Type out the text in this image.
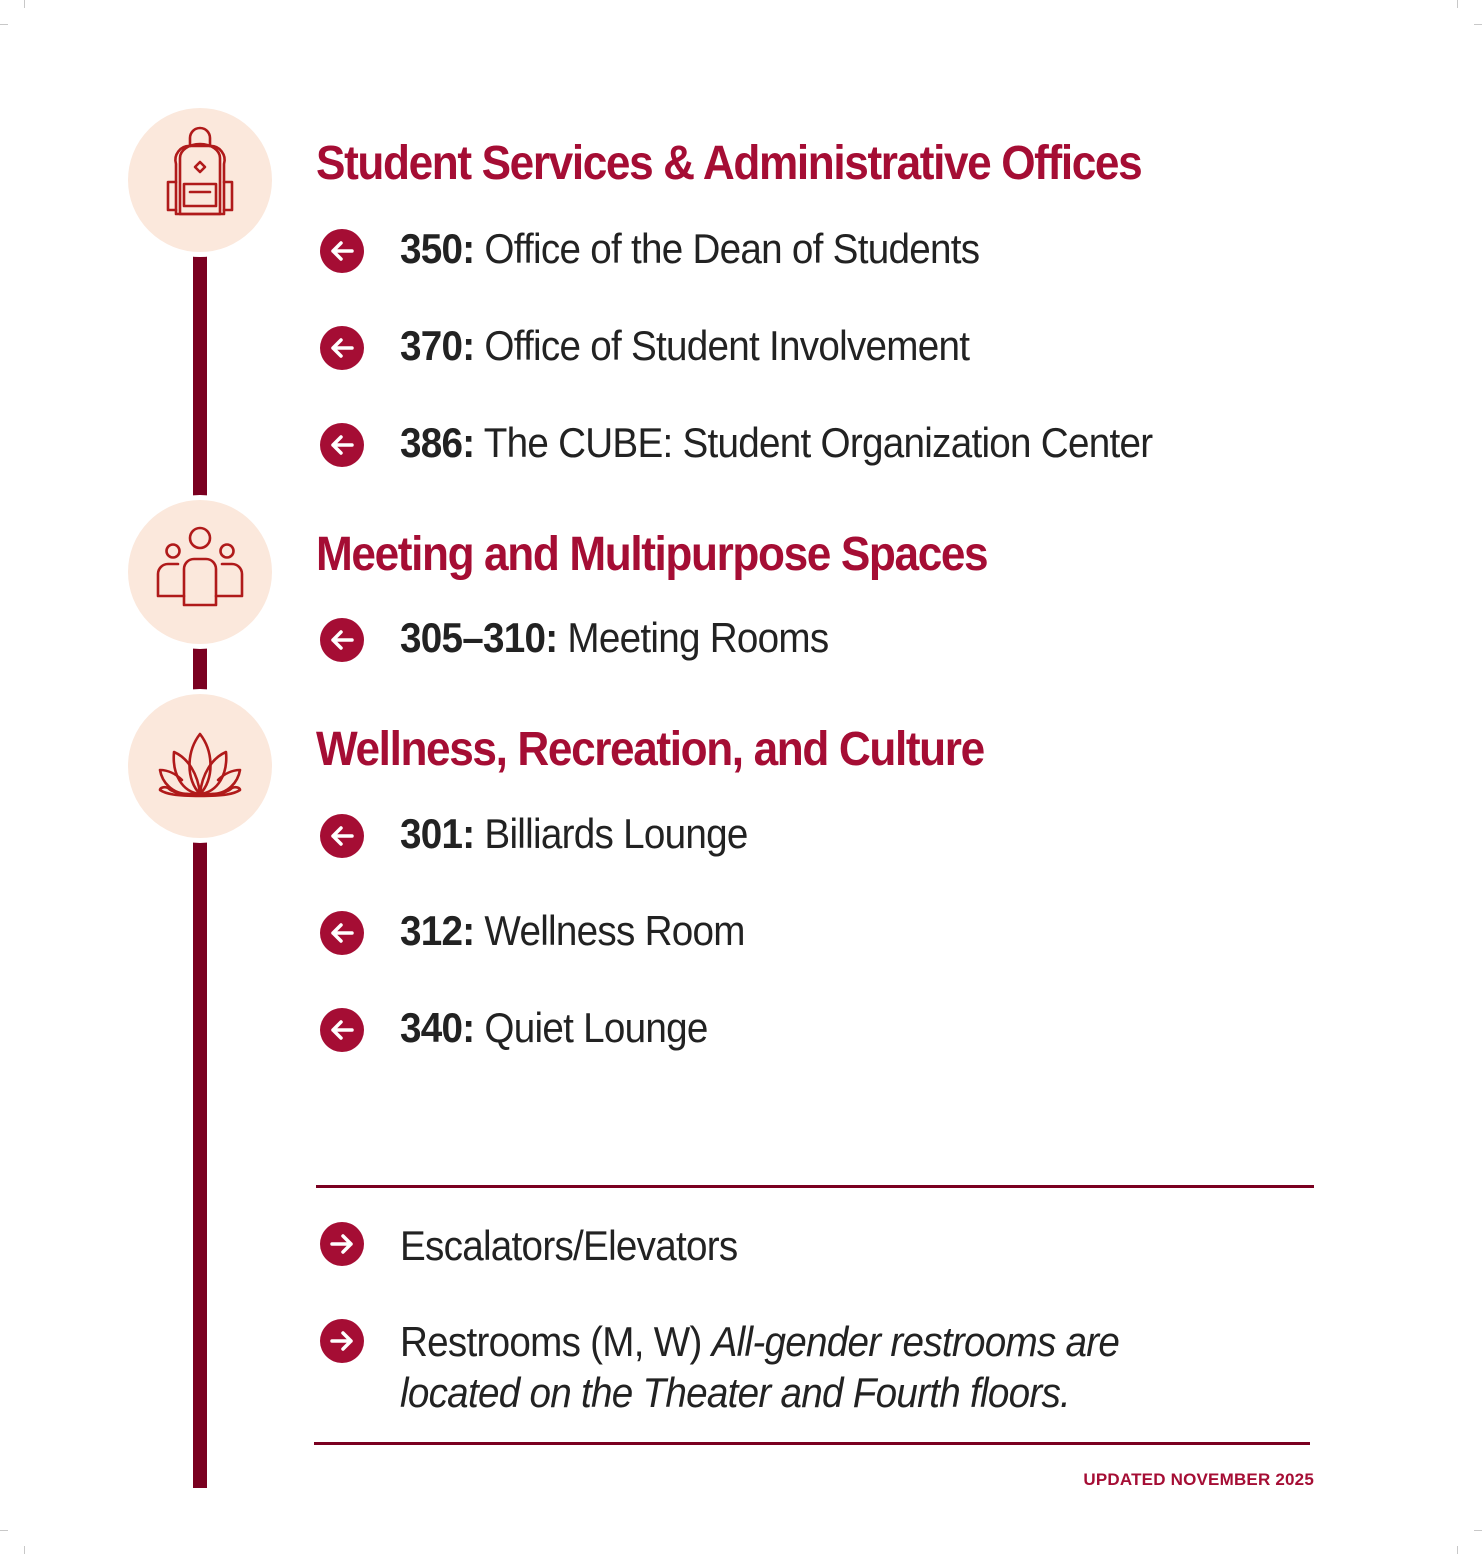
Student Services & Administrative Offices
350: Office of the Dean of Students
370: Office of Student Involvement
386: The CUBE: Student Organization Center
Meeting and Multipurpose Spaces
305–310: Meeting Rooms
Wellness, Recreation, and Culture
301: Billiards Lounge
312: Wellness Room
340: Quiet Lounge
Escalators/Elevators
Restrooms (M, W) All-gender restrooms are
located on the Theater and Fourth floors.
UPDATED NOVEMBER 2025
